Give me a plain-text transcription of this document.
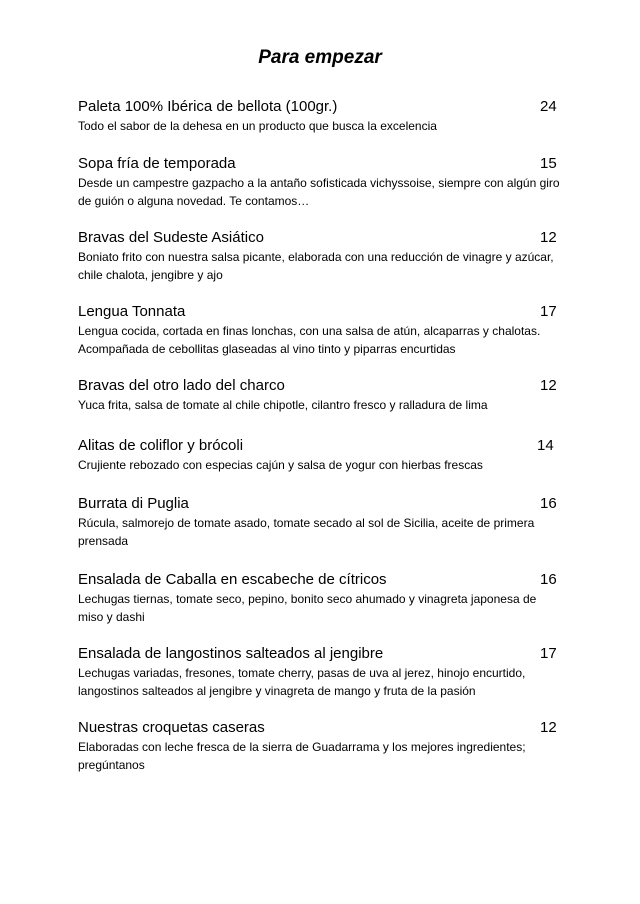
Para empezar
Paleta 100% Ibérica de bellota (100gr.)	24
Todo el sabor de la dehesa en un producto que busca la excelencia
Sopa fría de temporada	15
Desde un campestre gazpacho a la antaño sofisticada vichyssoise, siempre con algún giro de guión o alguna novedad. Te contamos…
Bravas del Sudeste Asiático	12
Boniato frito con nuestra salsa picante, elaborada con una reducción de vinagre y azúcar, chile chalota, jengibre y ajo
Lengua Tonnata	17
Lengua cocida, cortada en finas lonchas, con una salsa de atún, alcaparras y chalotas. Acompañada de cebollitas glaseadas al vino tinto y piparras encurtidas
Bravas del otro lado del charco	12
Yuca frita, salsa de tomate al chile chipotle, cilantro fresco y ralladura de lima
Alitas de coliflor y brócoli	14
Crujiente rebozado con especias cajún y salsa de yogur con hierbas frescas
Burrata di Puglia	16
Rúcula, salmorejo de tomate asado, tomate secado al sol de Sicilia, aceite de primera prensada
Ensalada de Caballa en escabeche de cítricos	16
Lechugas tiernas, tomate seco, pepino, bonito seco ahumado y vinagreta japonesa de miso y dashi
Ensalada de langostinos salteados al jengibre	17
Lechugas variadas, fresones, tomate cherry, pasas de uva al jerez, hinojo encurtido, langostinos salteados al jengibre y vinagreta de mango y fruta de la pasión
Nuestras croquetas caseras	12
Elaboradas con leche fresca de la sierra de Guadarrama y los mejores ingredientes; pregúntanos
